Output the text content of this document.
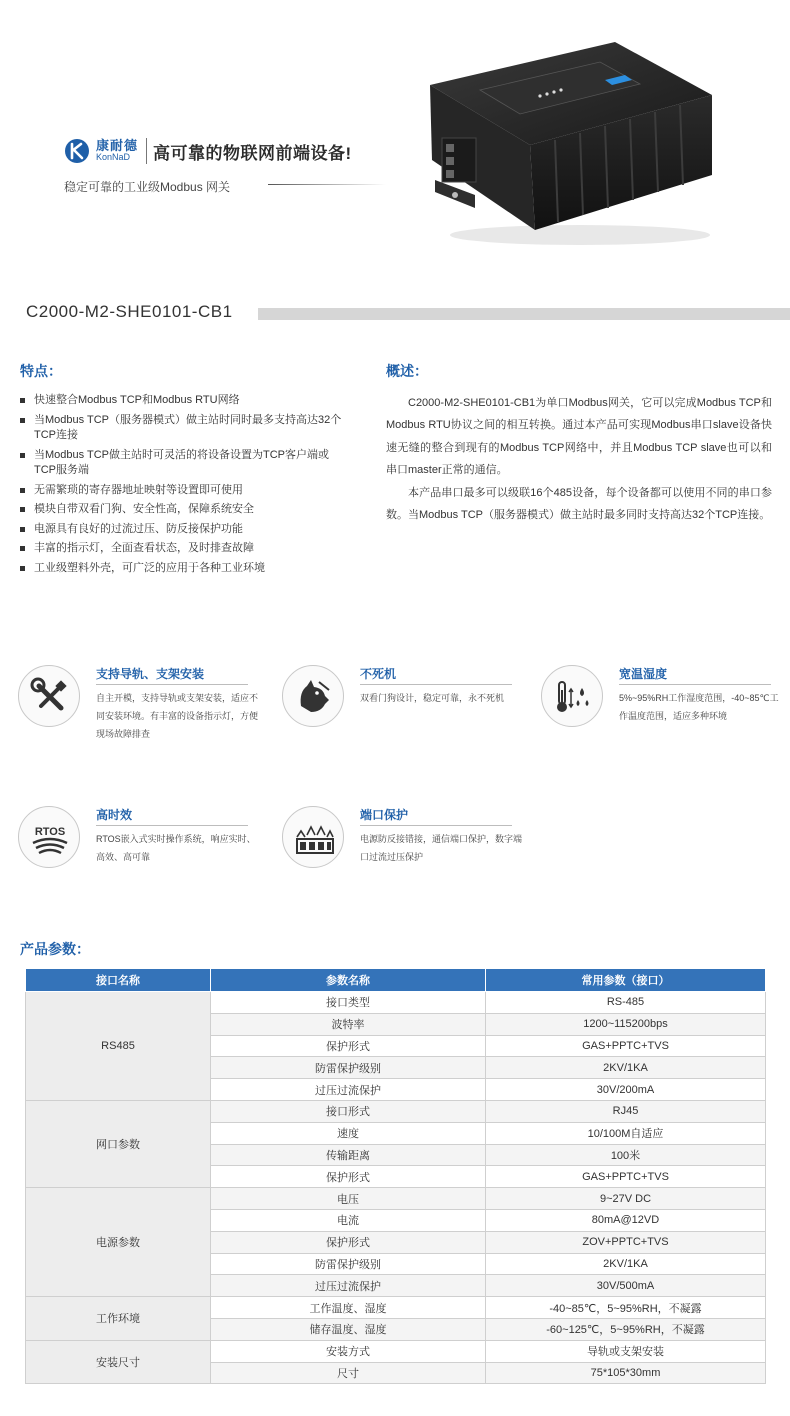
康耐德
KonNaD	高可靠的物联网前端设备!
稳定可靠的工业级Modbus 网关
C2000-M2-SHE0101-CB1
特点：
快速整合Modbus TCP和Modbus RTU网络
当Modbus TCP（服务器模式）做主站时同时最多支持高达32个TCP连接
当Modbus TCP做主站时可灵活的将设备设置为TCP客户端或TCP服务端
无需繁琐的寄存器地址映射等设置即可使用
模块自带双看门狗、安全性高，保障系统安全
电源具有良好的过流过压、防反接保护功能
丰富的指示灯，全面查看状态，及时排查故障
工业级塑料外壳，可广泛的应用于各种工业环境
概述：

C2000-M2-SHE0101-CB1为单口Modbus网关，它可以完成Modbus TCP和Modbus RTU协议之间的相互转换。通过本产品可实现Modbus串口slave设备快速无缝的整合到现有的Modbus TCP网络中，并且Modbus TCP slave也可以和串口master正常的通信。

本产品串口最多可以级联16个485设备，每个设备都可以使用不同的串口参数。当Modbus TCP（服务器模式）做主站时最多同时支持高达32个TCP连接。

支持导轨、支架安装
自主开模，支持导轨或支架安装，适应不同安装环境。有丰富的设备指示灯，方便现场故障排查
不死机
双看门狗设计，稳定可靠，永不死机
宽温湿度
5%~95%RH工作湿度范围，-40~85℃工作温度范围，适应多种环境
RTOS
高时效
RTOS嵌入式实时操作系统，响应实时、高效、高可靠
端口保护
电源防反接错接，通信端口保护，数字端口过流过压保护
产品参数：
接口名称	参数名称	常用参数（接口）
RS485	接口类型	RS-485
	波特率	1200~115200bps
	保护形式	GAS+PPTC+TVS
	防雷保护级别	2KV/1KA
	过压过流保护	30V/200mA
网口参数	接口形式	RJ45
	速度	10/100M自适应
	传输距离	100米
	保护形式	GAS+PPTC+TVS
电源参数	电压	9~27V DC
	电流	80mA@12VD
	保护形式	ZOV+PPTC+TVS
	防雷保护级别	2KV/1KA
	过压过流保护	30V/500mA
工作环境	工作温度、湿度	-40~85℃，5~95%RH，不凝露
	储存温度、湿度	-60~125℃，5~95%RH，不凝露
安装尺寸	安装方式	导轨或支架安装
	尺寸	75*105*30mm
